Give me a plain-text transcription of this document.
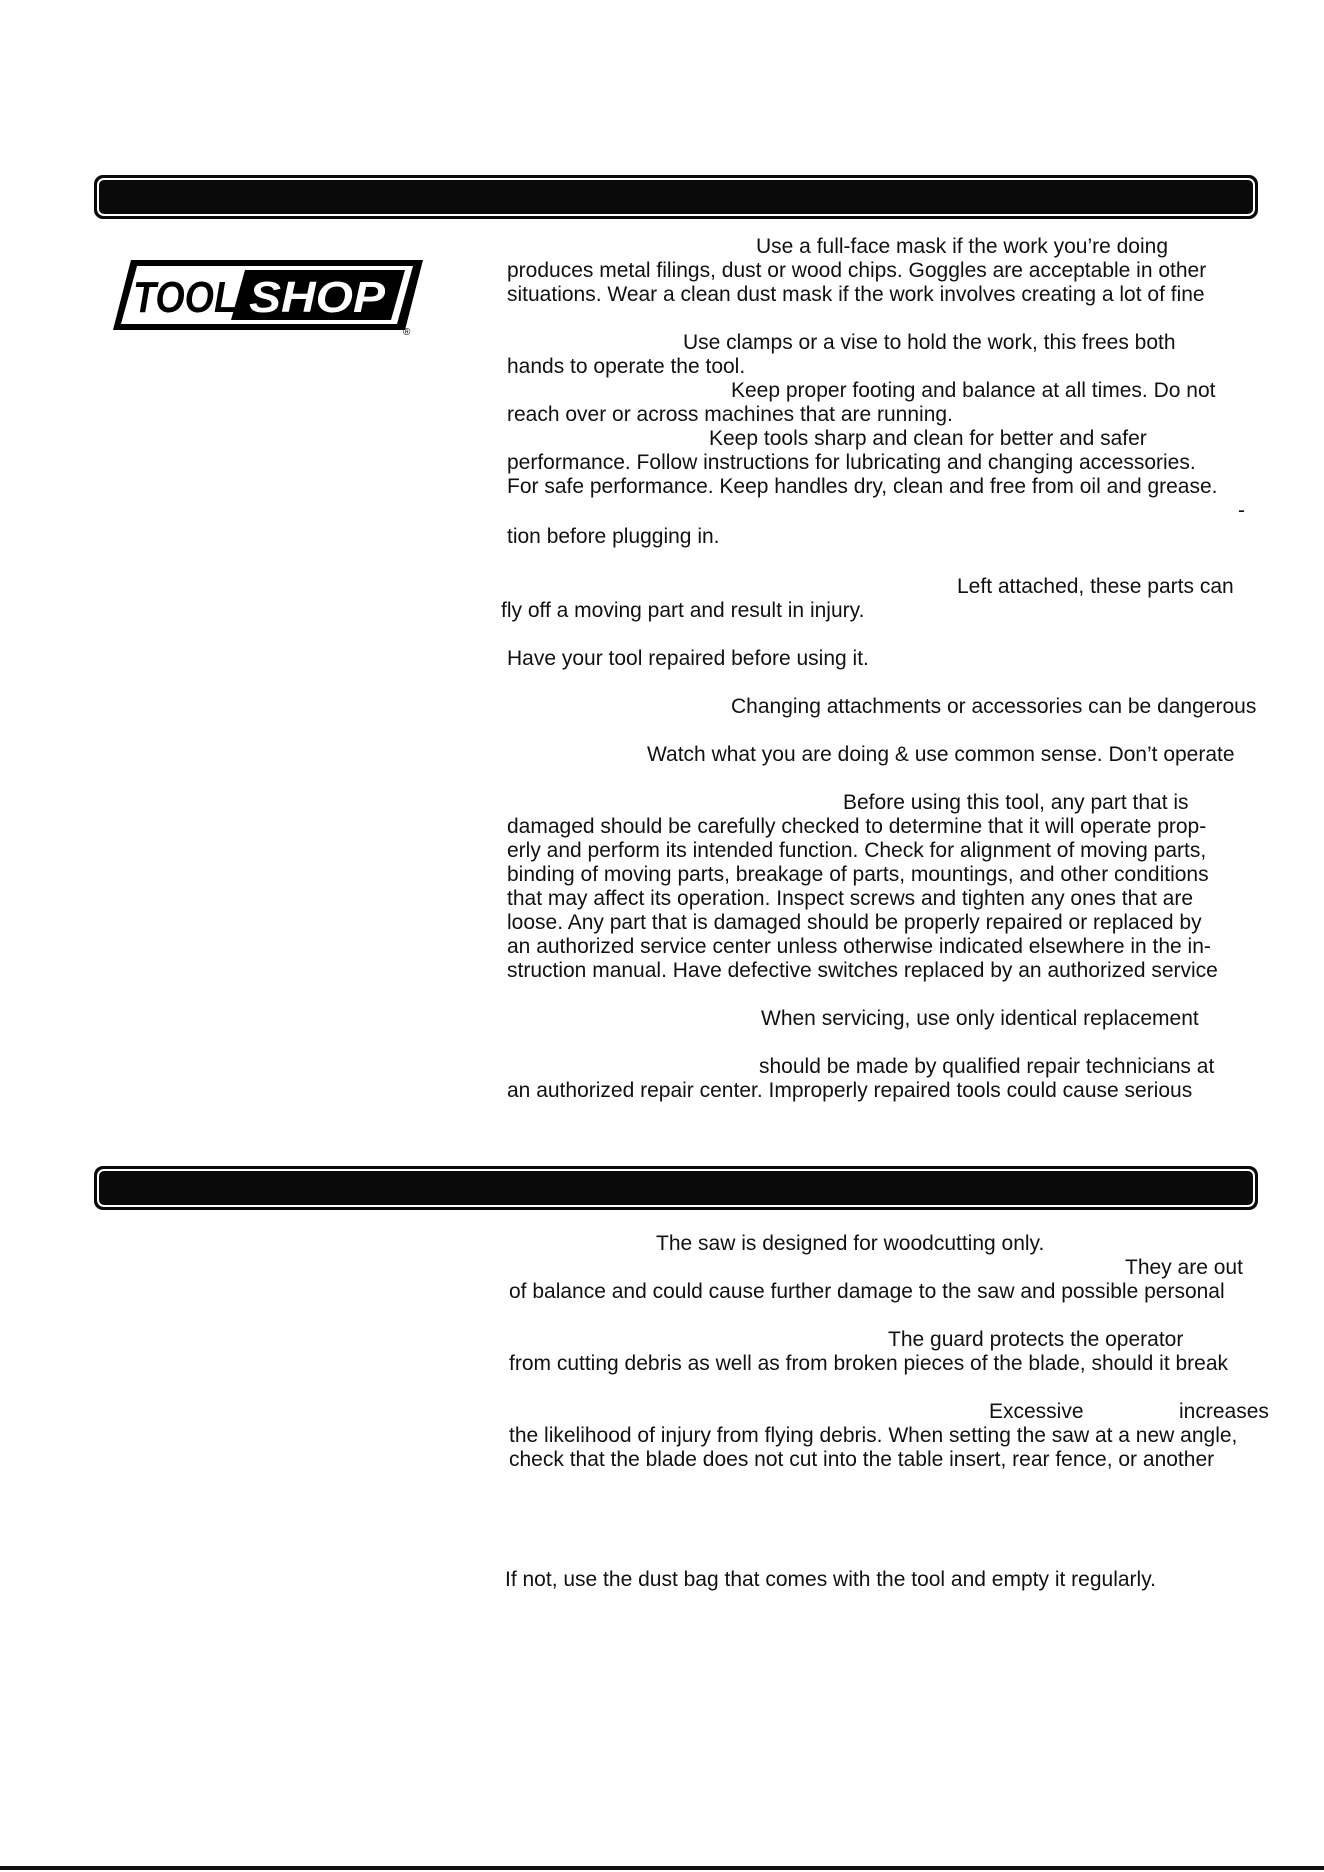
TOOL SHOP
®
Use a full-face mask if the work you’re doing
produces metal filings, dust or wood chips. Goggles are acceptable in other
situations. Wear a clean dust mask if the work involves creating a lot of fine
Use clamps or a vise to hold the work, this frees both
hands to operate the tool.
Keep proper footing and balance at all times. Do not
reach over or across machines that are running.
Keep tools sharp and clean for better and safer
performance. Follow instructions for lubricating and changing accessories.
For safe performance. Keep handles dry, clean and free from oil and grease.
-
tion before plugging in.
Left attached, these parts can
fly off a moving part and result in injury.
Have your tool repaired before using it.
Changing attachments or accessories can be dangerous
Watch what you are doing & use common sense. Don’t operate
Before using this tool, any part that is
damaged should be carefully checked to determine that it will operate prop-
erly and perform its intended function. Check for alignment of moving parts,
binding of moving parts, breakage of parts, mountings, and other conditions
that may affect its operation. Inspect screws and tighten any ones that are
loose. Any part that is damaged should be properly repaired or replaced by
an authorized service center unless otherwise indicated elsewhere in the in-
struction manual. Have defective switches replaced by an authorized service
When servicing, use only identical replacement
should be made by qualified repair technicians at
an authorized repair center. Improperly repaired tools could cause serious
The saw is designed for woodcutting only.
They are out
of balance and could cause further damage to the saw and possible personal
The guard protects the operator
from cutting debris as well as from broken pieces of the blade, should it break
Excessive	increases
the likelihood of injury from flying debris. When setting the saw at a new angle,
check that the blade does not cut into the table insert, rear fence, or another
If not, use the dust bag that comes with the tool and empty it regularly.
